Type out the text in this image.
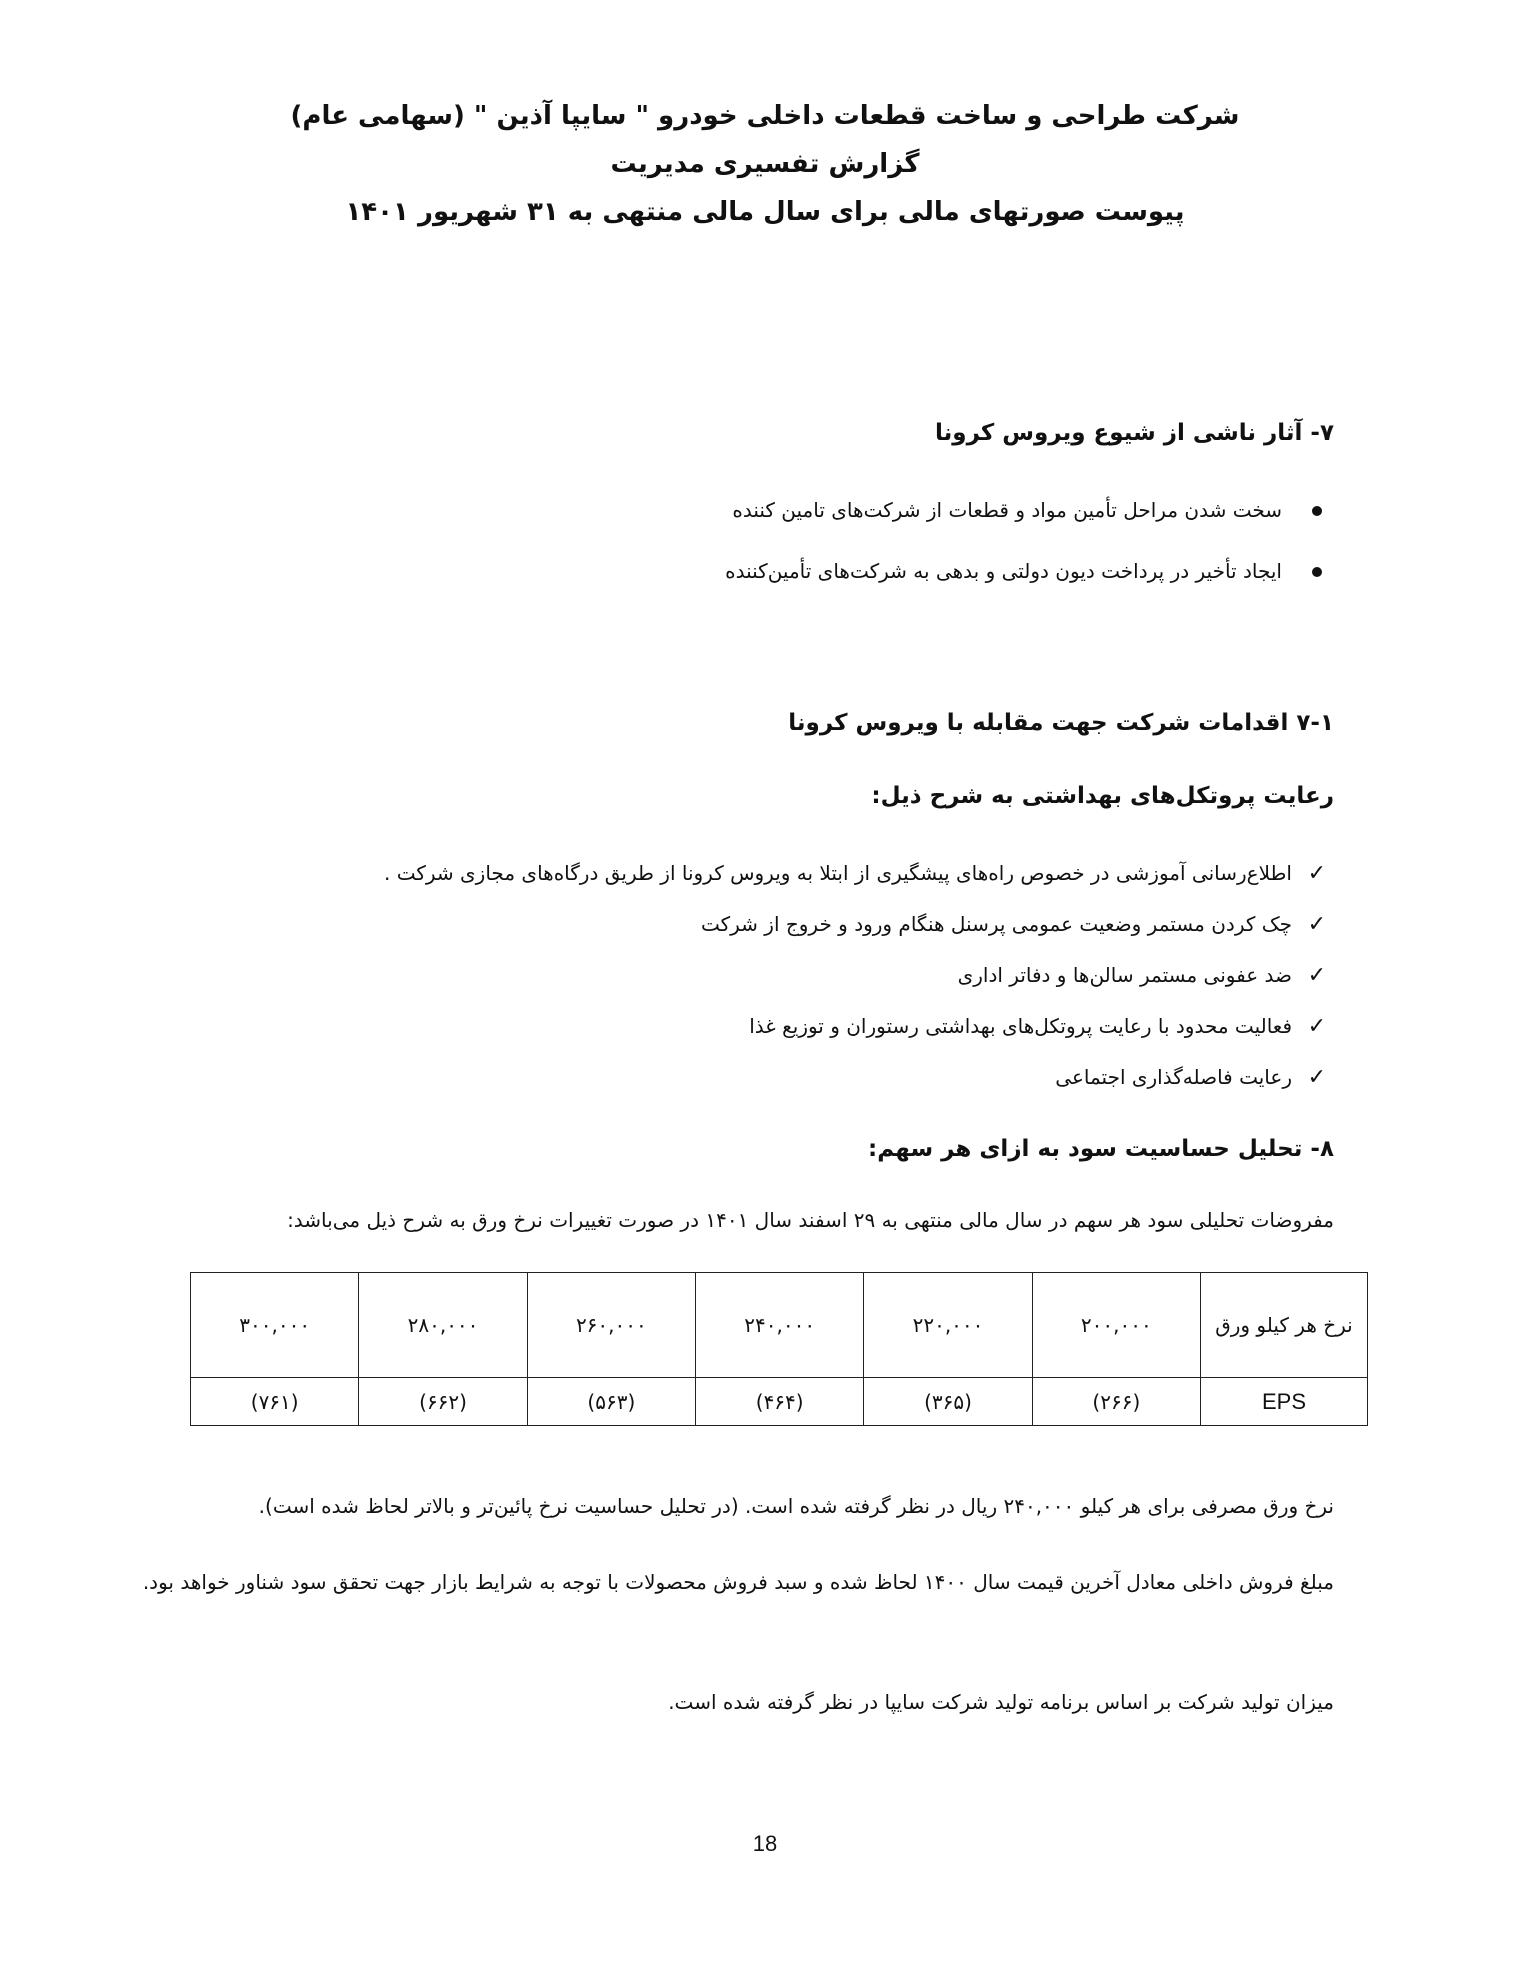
شرکت طراحی و ساخت قطعات داخلی خودرو " سایپا آذین " (سهامی عام)
گزارش تفسیری مدیریت
پیوست صورتهای مالی برای سال مالی منتهی به ۳۱ شهریور ۱۴۰۱
۷- آثار ناشی از شیوع ویروس کرونا
سخت شدن مراحل تأمین مواد و قطعات از شرکت‌های تامین کننده
ایجاد تأخیر در پرداخت دیون دولتی و بدهی به شرکت‌های تأمین‌کننده
۷-۱ اقدامات شرکت جهت مقابله با ویروس کرونا
رعایت پروتکل‌های بهداشتی به شرح ذیل:
✓
اطلاع‌رسانی آموزشی در خصوص راه‌های پیشگیری از ابتلا به ویروس کرونا از طریق درگاه‌های مجازی شرکت .
✓
چک کردن مستمر وضعیت عمومی پرسنل هنگام ورود و خروج از شرکت
✓
ضد عفونی مستمر سالن‌ها و دفاتر اداری
✓
فعالیت محدود با رعایت پروتکل‌های بهداشتی رستوران و توزیع غذا
✓
رعایت فاصله‌گذاری اجتماعی
۸- تحلیل حساسیت سود به ازای هر سهم:
مفروضات تحلیلی سود هر سهم در سال مالی منتهی به ۲۹ اسفند سال ۱۴۰۱ در صورت تغییرات نرخ ورق به شرح ذیل می‌باشد:
نرخ هر کیلو ورق	۲۰۰,۰۰۰	۲۲۰,۰۰۰	۲۴۰,۰۰۰	۲۶۰,۰۰۰	۲۸۰,۰۰۰	۳۰۰,۰۰۰
EPS	(۲۶۶)	(۳۶۵)	(۴۶۴)	(۵۶۳)	(۶۶۲)	(۷۶۱)
نرخ ورق مصرفی برای هر کیلو ۲۴۰,۰۰۰ ریال در نظر گرفته شده است. (در تحلیل حساسیت نرخ پائین‌تر و بالاتر لحاظ شده است).
مبلغ فروش داخلی معادل آخرین قیمت سال ۱۴۰۰ لحاظ شده و سبد فروش محصولات با توجه به شرایط بازار جهت تحقق سود شناور خواهد بود.
میزان تولید شرکت بر اساس برنامه تولید شرکت سایپا در نظر گرفته شده است.
18
